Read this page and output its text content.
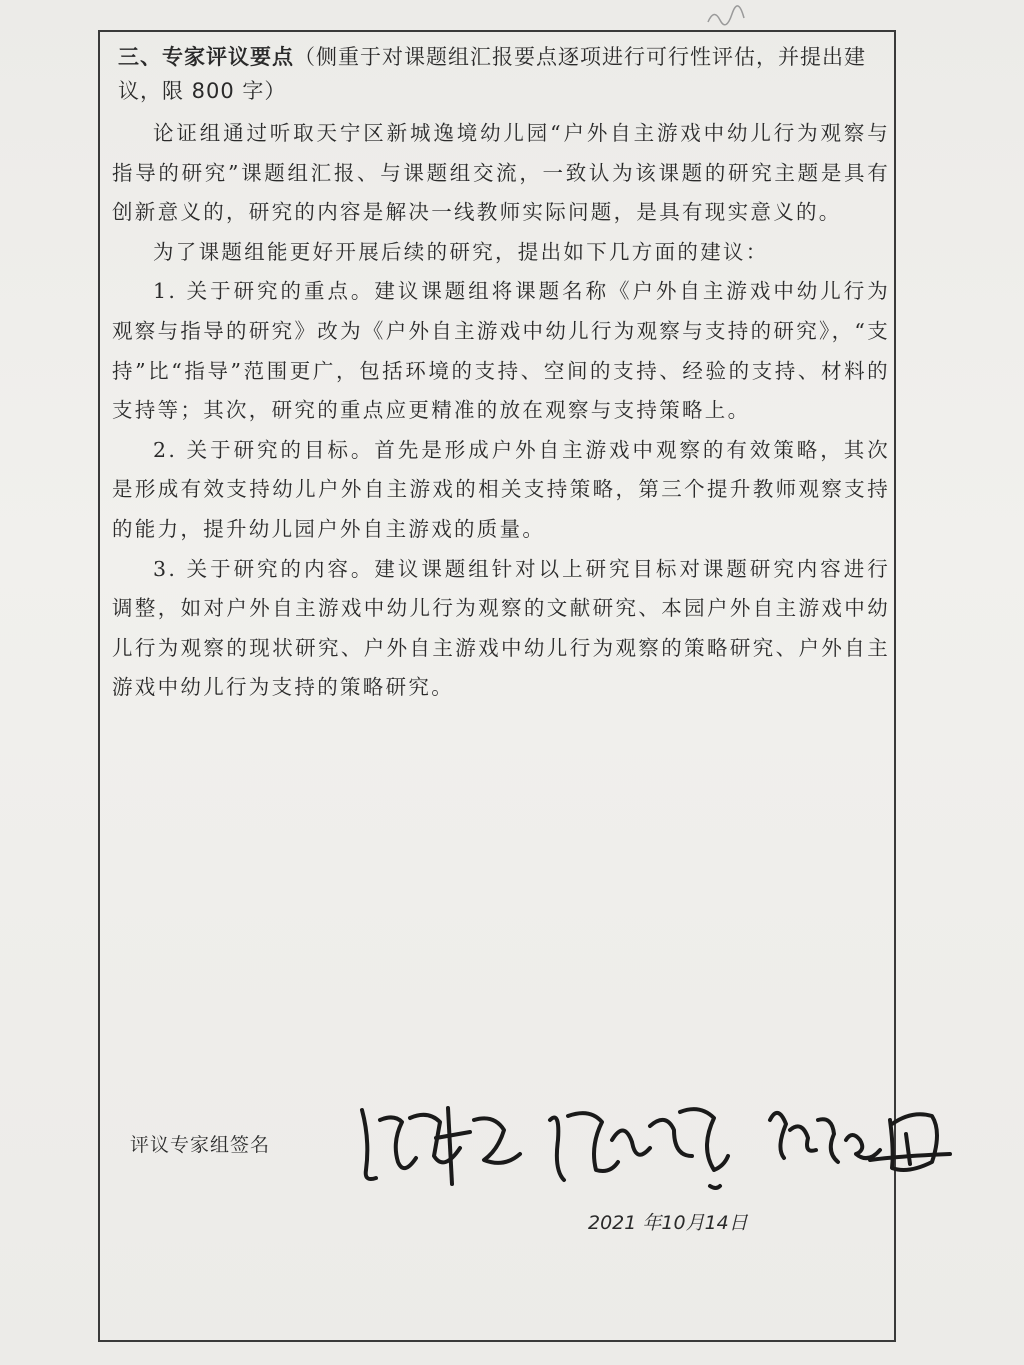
三、专家评议要点（侧重于对课题组汇报要点逐项进行可行性评估，并提出建
议，限 800 字）

论证组通过听取天宁区新城逸境幼儿园“户外自主游戏中幼儿行为观察与指导的研究”课题组汇报、与课题组交流，一致认为该课题的研究主题是具有创新意义的，研究的内容是解决一线教师实际问题，是具有现实意义的。

为了课题组能更好开展后续的研究，提出如下几方面的建议：

1. 关于研究的重点。建议课题组将课题名称《户外自主游戏中幼儿行为观察与指导的研究》改为《户外自主游戏中幼儿行为观察与支持的研究》，“支持”比“指导”范围更广，包括环境的支持、空间的支持、经验的支持、材料的支持等；其次，研究的重点应更精准的放在观察与支持策略上。

2. 关于研究的目标。首先是形成户外自主游戏中观察的有效策略，其次是形成有效支持幼儿户外自主游戏的相关支持策略，第三个提升教师观察支持的能力，提升幼儿园户外自主游戏的质量。

3. 关于研究的内容。建议课题组针对以上研究目标对课题研究内容进行调整，如对户外自主游戏中幼儿行为观察的文献研究、本园户外自主游戏中幼儿行为观察的现状研究、户外自主游戏中幼儿行为观察的策略研究、户外自主游戏中幼儿行为支持的策略研究。

评议专家组签名
2021 年10月14日
